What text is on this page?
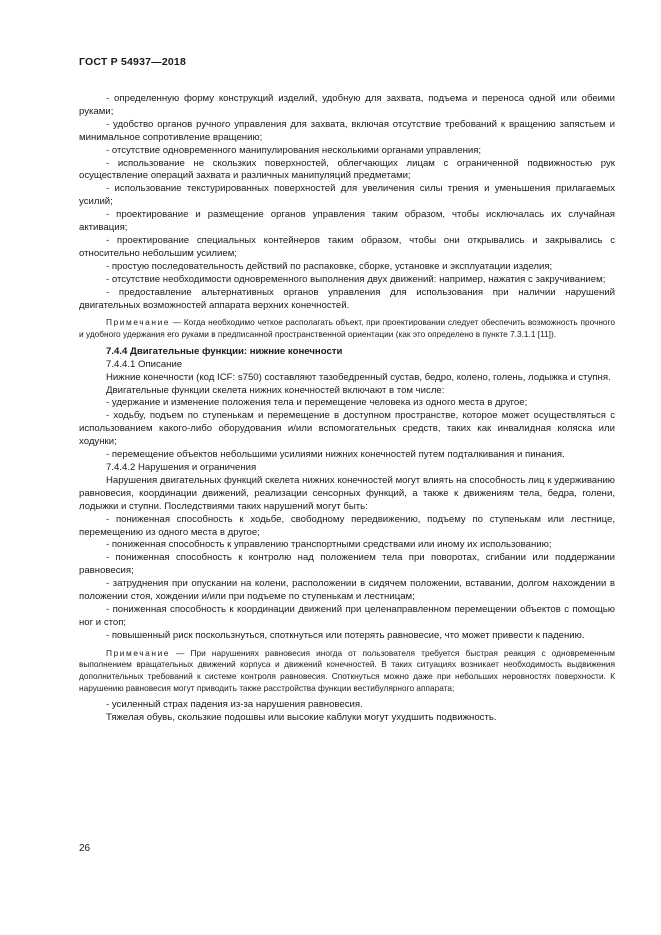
ГОСТ Р 54937—2018

- определенную форму конструкций изделий, удобную для захвата, подъема и переноса одной или обеими руками;

- удобство органов ручного управления для захвата, включая отсутствие требований к вращению запястьем и минимальное сопротивление вращению;

- отсутствие одновременного манипулирования несколькими органами управления;

- использование не скользких поверхностей, облегчающих лицам с ограниченной подвижностью рук осуществление операций захвата и различных манипуляций предметами;

- использование текстурированных поверхностей для увеличения силы трения и уменьшения прилагаемых усилий;

- проектирование и размещение органов управления таким образом, чтобы исключалась их случайная активация;

- проектирование специальных контейнеров таким образом, чтобы они открывались и закрывались с относительно небольшим усилием;

- простую последовательность действий по распаковке, сборке, установке и эксплуатации изделия;

- отсутствие необходимости одновременного выполнения двух движений: например, нажатия с закручиванием;

- предоставление альтернативных органов управления для использования при наличии нарушений двигательных возможностей аппарата верхних конечностей.

Примечание — Когда необходимо четкое располагать объект, при проектировании следует обеспечить возможность прочного и удобного удержания его руками в предписанной пространственной ориентации (как это определено в пункте 7.3.1.1 [11]).

7.4.4 Двигательные функции: нижние конечности

7.4.4.1 Описание

Нижние конечности (код ICF: s750) составляют тазобедренный сустав, бедро, колено, голень, лодыжка и ступня.

Двигательные функции скелета нижних конечностей включают в том числе:

- удержание и изменение положения тела и перемещение человека из одного места в другое;

- ходьбу, подъем по ступенькам и перемещение в доступном пространстве, которое может осуществляться с использованием какого-либо оборудования и/или вспомогательных средств, таких как инвалидная коляска или ходунки;

- перемещение объектов небольшими усилиями нижних конечностей путем подталкивания и пинания.

7.4.4.2 Нарушения и ограничения

Нарушения двигательных функций скелета нижних конечностей могут влиять на способность лиц к удерживанию равновесия, координации движений, реализации сенсорных функций, а также к движениям тела, бедра, голени, лодыжки и ступни. Последствиями таких нарушений могут быть:

- пониженная способность к ходьбе, свободному передвижению, подъему по ступенькам или лестнице, перемещению из одного места в другое;

- пониженная способность к управлению транспортными средствами или иному их использованию;

- пониженная способность к контролю над положением тела при поворотах, сгибании или поддержании равновесия;

- затруднения при опускании на колени, расположении в сидячем положении, вставании, долгом нахождении в положении стоя, хождении и/или при подъеме по ступенькам и лестницам;

- пониженная способность к координации движений при целенаправленном перемещении объектов с помощью ног и стоп;

- повышенный риск поскользнуться, споткнуться или потерять равновесие, что может привести к падению.

Примечание — При нарушениях равновесия иногда от пользователя требуется быстрая реакция с одновременным выполнением вращательных движений корпуса и движений конечностей. В таких ситуациях возникает необходимость выдвижения дополнительных требований к системе контроля равновесия. Споткнуться можно даже при небольших неровностях поверхности. К нарушению равновесия могут приводить также расстройства функции вестибулярного аппарата;

- усиленный страх падения из-за нарушения равновесия.

Тяжелая обувь, скользкие подошвы или высокие каблуки могут ухудшить подвижность.

26
